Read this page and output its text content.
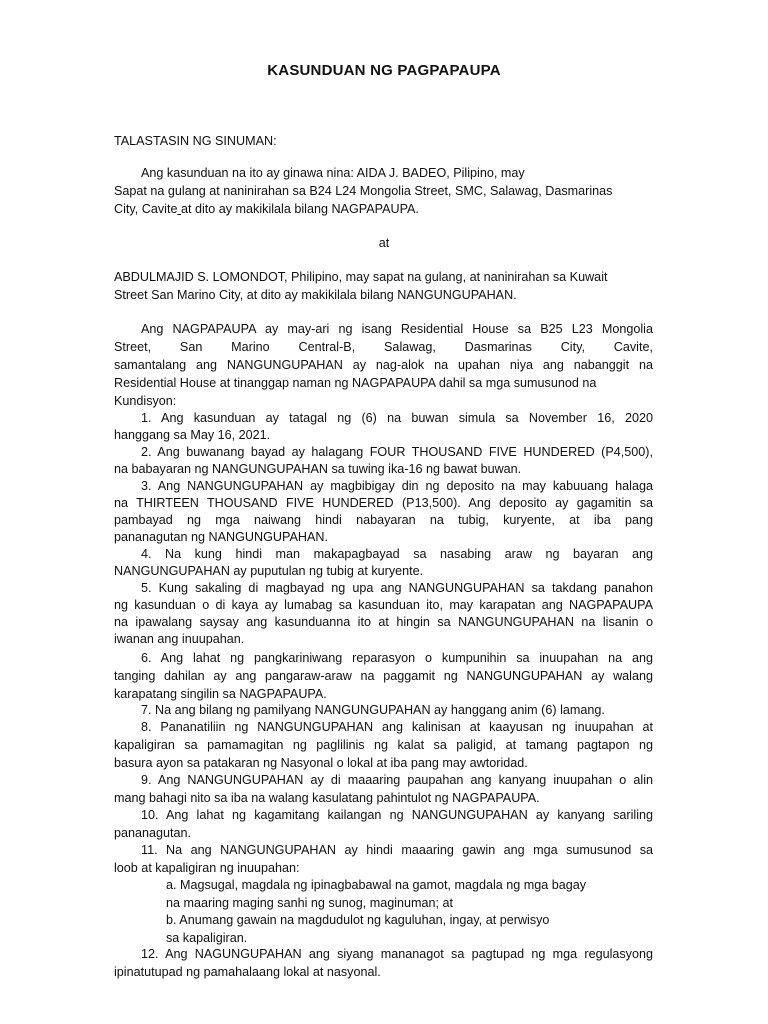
KASUNDUAN NG PAGPAPAUPA
TALASTASIN NG SINUMAN:
Ang kasunduan na ito ay ginawa nina: AIDA J. BADEO, Pilipino, may
Sapat na gulang at naninirahan sa B24 L24 Mongolia Street, SMC, Salawag, Dasmarinas
City, Cavite at dito ay makikilala bilang NAGPAPAUPA.
at
ABDULMAJID S. LOMONDOT, Philipino, may sapat na gulang, at naninirahan sa Kuwait
Street San Marino City, at dito ay makikilala bilang NANGUNGUPAHAN.
Ang NAGPAPAUPA ay may-ari ng isang Residential House sa B25 L23 Mongolia
Street, San Marino Central-B, Salawag, Dasmarinas City, Cavite,
samantalang ang NANGUNGUPAHAN ay nag-alok na upahan niya ang nabanggit na
Residential House at tinanggap naman ng NAGPAPAUPA dahil sa mga sumusunod na
Kundisyon:
1. Ang kasunduan ay tatagal ng (6) na buwan simula sa November 16, 2020
hanggang sa May 16, 2021.
2. Ang buwanang bayad ay halagang FOUR THOUSAND FIVE HUNDERED (P4,500),
na babayaran ng NANGUNGUPAHAN sa tuwing ika-16 ng bawat buwan.
3. Ang NANGUNGUPAHAN ay magbibigay din ng deposito na may kabuuang halaga
na THIRTEEN THOUSAND FIVE HUNDERED (P13,500). Ang deposito ay gagamitin sa
pambayad ng mga naiwang hindi nabayaran na tubig, kuryente, at iba pang
pananagutan ng NANGUNGUPAHAN.
4. Na kung hindi man makapagbayad sa nasabing araw ng bayaran ang
NANGUNGUPAHAN ay puputulan ng tubig at kuryente.
5. Kung sakaling di magbayad ng upa ang NANGUNGUPAHAN sa takdang panahon
ng kasunduan o di kaya ay lumabag sa kasunduan ito, may karapatan ang NAGPAPAUPA
na ipawalang saysay ang kasunduanna ito at hingin sa NANGUNGUPAHAN na lisanin o
iwanan ang inuupahan.
6. Ang lahat ng pangkariniwang reparasyon o kumpunihin sa inuupahan na ang
tanging dahilan ay ang pangaraw-araw na paggamit ng NANGUNGUPAHAN ay walang
karapatang singilin sa NAGPAPAUPA.
7. Na ang bilang ng pamilyang NANGUNGUPAHAN ay hanggang anim (6) lamang.
8. Pananatiliin ng NANGUNGUPAHAN ang kalinisan at kaayusan ng inuupahan at
kapaligiran sa pamamagitan ng paglilinis ng kalat sa paligid, at tamang pagtapon ng
basura ayon sa patakaran ng Nasyonal o lokal at iba pang may awtoridad.
9. Ang NANGUNGUPAHAN ay di maaaring paupahan ang kanyang inuupahan o alin
mang bahagi nito sa iba na walang kasulatang pahintulot ng NAGPAPAUPA.
10. Ang lahat ng kagamitang kailangan ng NANGUNGUPAHAN ay kanyang sariling
pananagutan.
11. Na ang NANGUNGUPAHAN ay hindi maaaring gawin ang mga sumusunod sa
loob at kapaligiran ng inuupahan:
a. Magsugal, magdala ng ipinagbabawal na gamot, magdala ng mga bagay
na maaring maging sanhi ng sunog, maginuman; at
b. Anumang gawain na magdudulot ng kaguluhan, ingay, at perwisyo
sa kapaligiran.
12. Ang NAGUNGUPAHAN ang siyang mananagot sa pagtupad ng mga regulasyong
ipinatutupad ng pamahalaang lokal at nasyonal.
